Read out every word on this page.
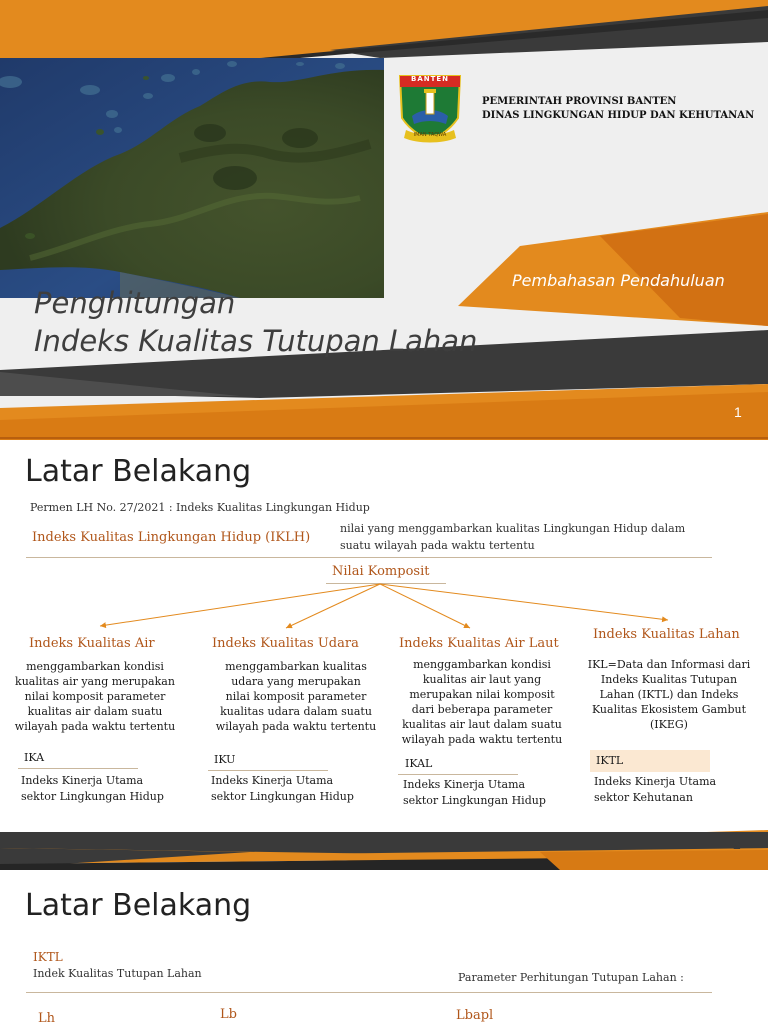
BANTEN
IMAN TAQWA
PEMERINTAH PROVINSI BANTEN
DINAS LINGKUNGAN HIDUP DAN KEHUTANAN
Pembahasan Pendahuluan
Penghitungan
Indeks Kualitas Tutupan Lahan
1
Latar Belakang
Permen LH No. 27/2021 : Indeks Kualitas Lingkungan Hidup
Indeks Kualitas Lingkungan Hidup (IKLH)
nilai yang menggambarkan kualitas Lingkungan Hidup dalam
suatu wilayah pada waktu tertentu
Nilai Komposit
Indeks Kualitas Air
menggambarkan kondisi
kualitas air yang merupakan
nilai komposit parameter
kualitas air dalam suatu
wilayah pada waktu tertentu
IKA
Indeks Kinerja Utama
sektor Lingkungan Hidup
Indeks Kualitas Udara
menggambarkan kualitas
udara yang merupakan
nilai komposit parameter
kualitas udara dalam suatu
wilayah pada waktu tertentu
IKU
Indeks Kinerja Utama
sektor Lingkungan Hidup
Indeks Kualitas Air Laut
menggambarkan kondisi
kualitas air laut yang
merupakan nilai komposit
dari beberapa parameter
kualitas air laut dalam suatu
wilayah pada waktu tertentu
IKAL
Indeks Kinerja Utama
sektor Lingkungan Hidup
Indeks Kualitas Lahan
IKL=Data dan Informasi dari
Indeks Kualitas Tutupan
Lahan (IKTL) dan Indeks
Kualitas Ekosistem Gambut
(IKEG)
IKTL
Indeks Kinerja Utama
sektor Kehutanan
2
Latar Belakang
IKTL
Indek Kualitas Tutupan Lahan	Parameter Perhitungan Tutupan Lahan :
Lh	Lb	Lbapl
